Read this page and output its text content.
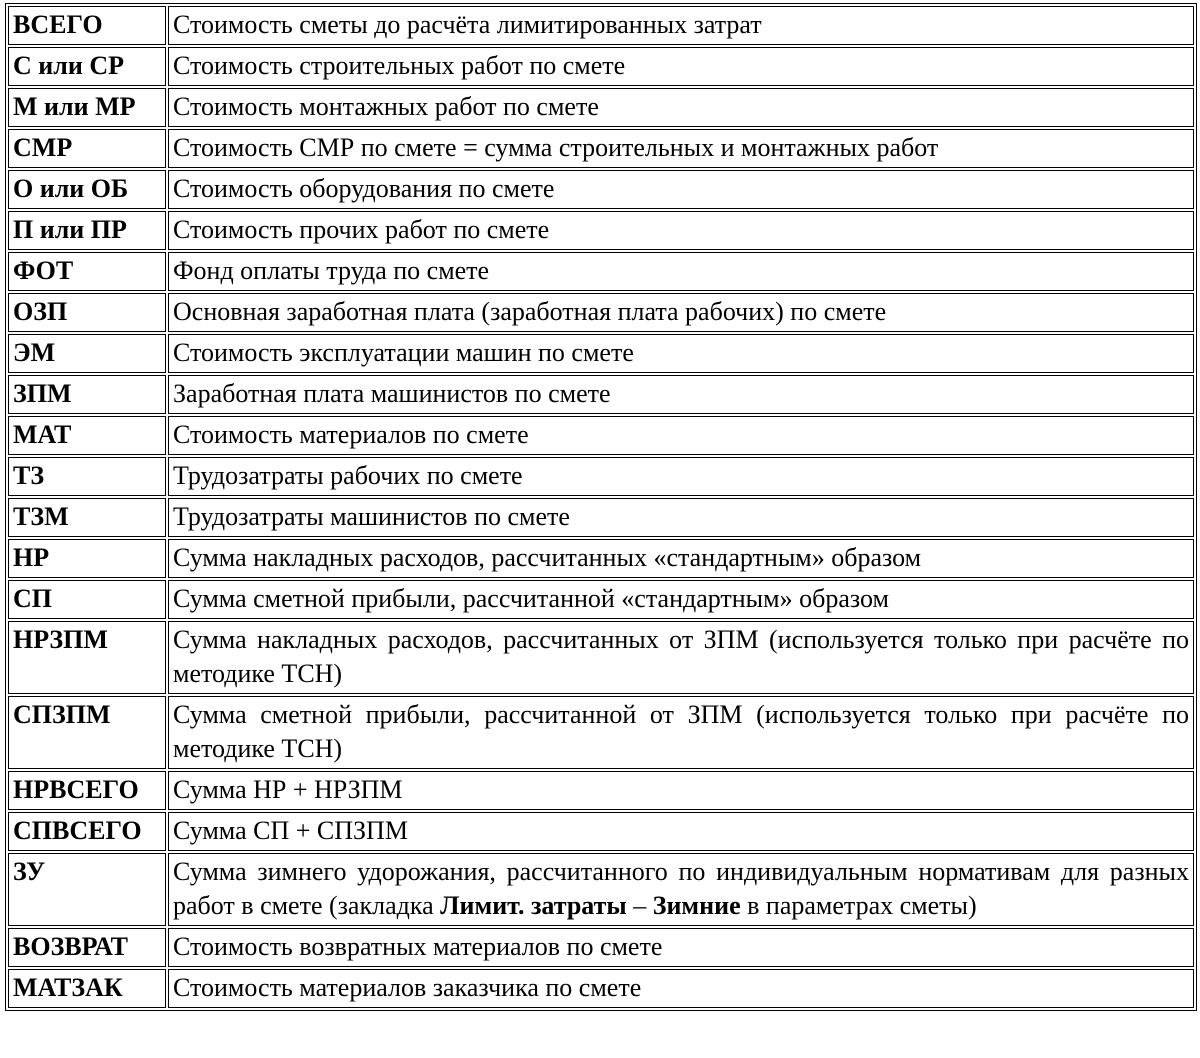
ВСЕГО	Стоимость сметы до расчёта лимитированных затрат
С или СР	Стоимость строительных работ по смете
М или МР	Стоимость монтажных работ по смете
СМР	Стоимость СМР по смете = сумма строительных и монтажных работ
О или ОБ	Стоимость оборудования по смете
П или ПР	Стоимость прочих работ по смете
ФОТ	Фонд оплаты труда по смете
ОЗП	Основная заработная плата (заработная плата рабочих) по смете
ЭМ	Стоимость эксплуатации машин по смете
ЗПМ	Заработная плата машинистов по смете
МАТ	Стоимость материалов по смете
ТЗ	Трудозатраты рабочих по смете
ТЗМ	Трудозатраты машинистов по смете
НР	Сумма накладных расходов, рассчитанных «стандартным» образом
СП	Сумма сметной прибыли, рассчитанной «стандартным» образом
НРЗПМ	Сумма накладных расходов, рассчитанных от ЗПМ (используется только при расчёте по методике ТСН)
СПЗПМ	Сумма сметной прибыли, рассчитанной от ЗПМ (используется только при расчёте по методике ТСН)
НРВСЕГО	Сумма НР + НРЗПМ
СПВСЕГО	Сумма СП + СПЗПМ
ЗУ	Сумма зимнего удорожания, рассчитанного по индивидуальным нормативам для разных работ в смете (закладка Лимит. затраты – Зимние в параметрах сметы)
ВОЗВРАТ	Стоимость возвратных материалов по смете
МАТЗАК	Стоимость материалов заказчика по смете
